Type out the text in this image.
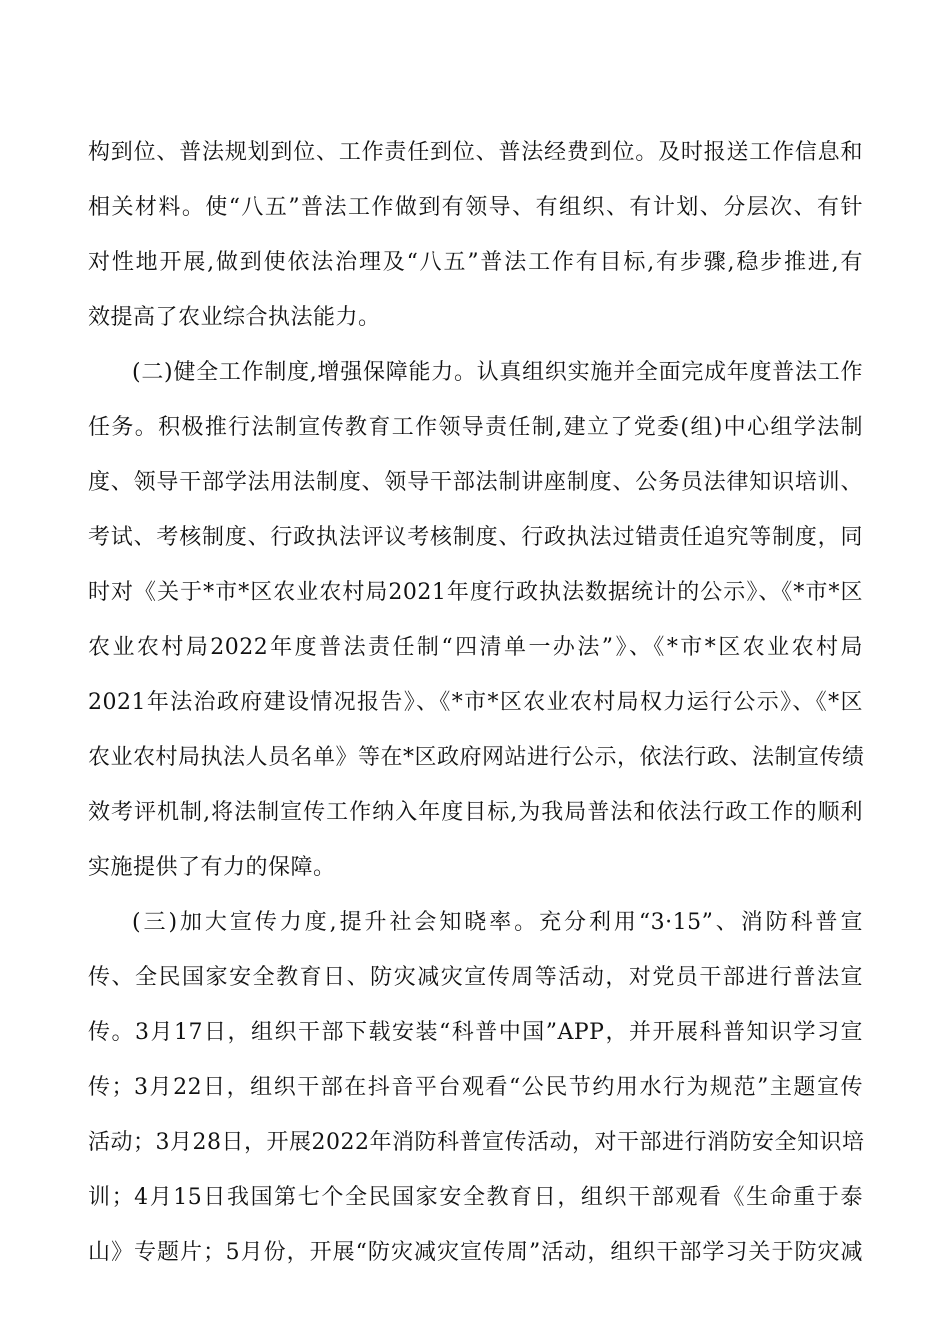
构到位、普法规划到位、工作责任到位、普法经费到位。及时报送工作信息和
相关材料。使“八五”普法工作做到有领导、有组织、有计划、分层次、有针
对性地开展,做到使依法治理及“八五”普法工作有目标,有步骤,稳步推进,有
效提高了农业综合执法能力。
(二)健全工作制度,增强保障能力。认真组织实施并全面完成年度普法工作
任务。积极推行法制宣传教育工作领导责任制,建立了党委(组)中心组学法制
度、领导干部学法用法制度、领导干部法制讲座制度、公务员法律知识培训、
考试、考核制度、行政执法评议考核制度、行政执法过错责任追究等制度，同
时对《关于*市*区农业农村局2021年度行政执法数据统计的公示》、《*市*区
农业农村局2022年度普法责任制“四清单一办法”》、《*市*区农业农村局
2021年法治政府建设情况报告》、《*市*区农业农村局权力运行公示》、《*区
农业农村局执法人员名单》等在*区政府网站进行公示，依法行政、法制宣传绩
效考评机制,将法制宣传工作纳入年度目标,为我局普法和依法行政工作的顺利
实施提供了有力的保障。
(三)加大宣传力度,提升社会知晓率。充分利用“3·15”、消防科普宣
传、全民国家安全教育日、防灾减灾宣传周等活动，对党员干部进行普法宣
传。3月17日，组织干部下载安装“科普中国”APP，并开展科普知识学习宣
传；3月22日，组织干部在抖音平台观看“公民节约用水行为规范”主题宣传
活动；3月28日，开展2022年消防科普宣传活动，对干部进行消防安全知识培
训；4月15日我国第七个全民国家安全教育日，组织干部观看《生命重于泰
山》专题片；5月份，开展“防灾减灾宣传周”活动，组织干部学习关于防灾减
